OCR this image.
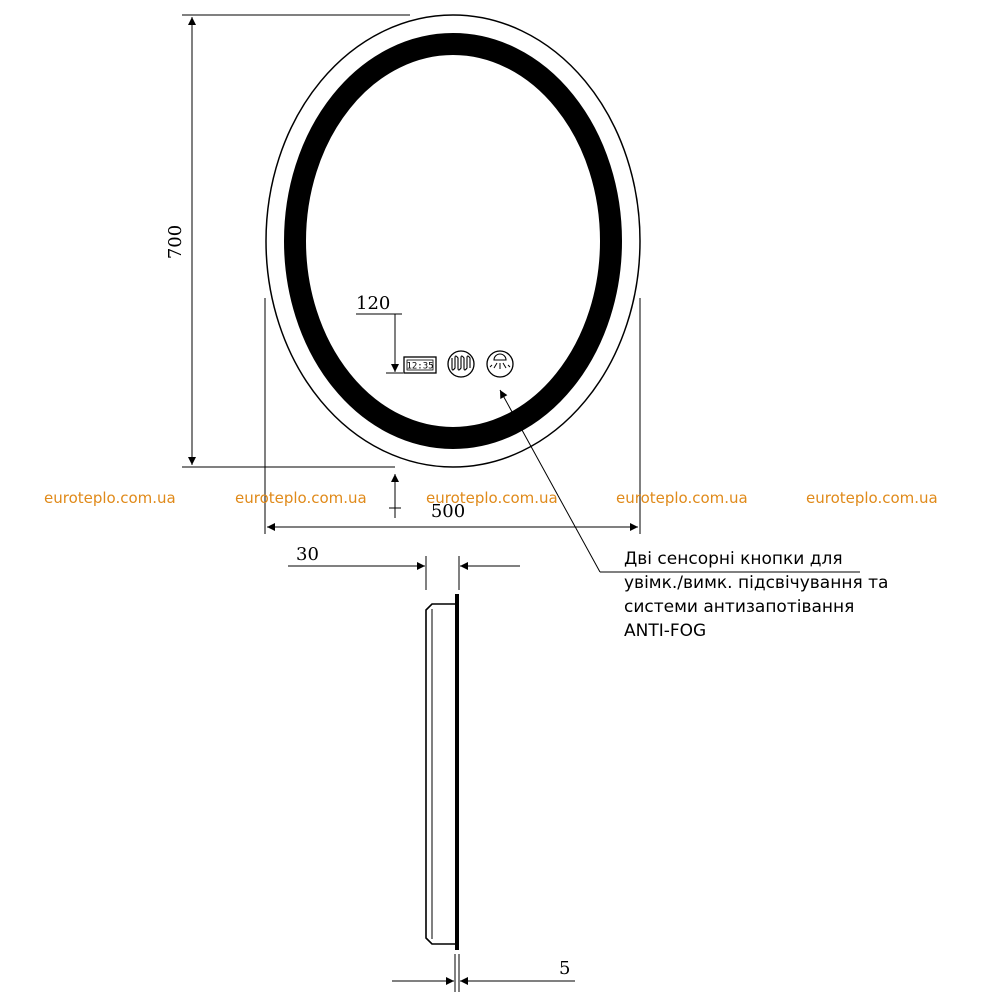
12:35
700
500
120
Дві сенсорні кнопки для
увімк./вимк. підсвічування та
системи антизапотівання
ANTI-FOG
euroteplo.com.ua	euroteplo.com.ua	euroteplo.com.ua	euroteplo.com.ua	euroteplo.com.ua
30
5
